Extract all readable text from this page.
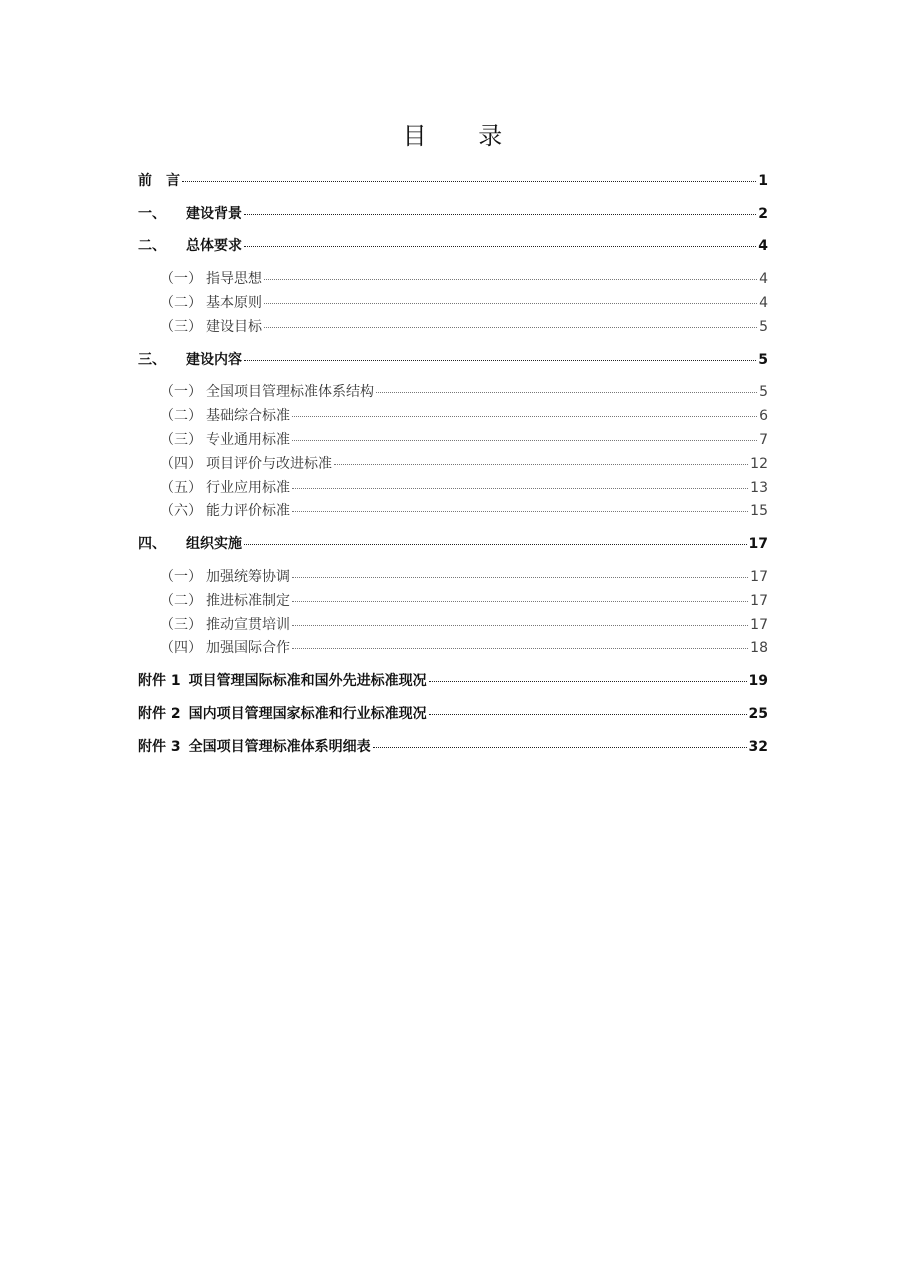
目 录
前　言	1
一、	建设背景	2
二、	总体要求	4
（一） 指导思想	4
（二） 基本原则	4
（三） 建设目标	5
三、	建设内容	5
（一） 全国项目管理标准体系结构	5
（二） 基础综合标准	6
（三） 专业通用标准	7
（四） 项目评价与改进标准	12
（五） 行业应用标准	13
（六） 能力评价标准	15
四、	组织实施	17
（一） 加强统筹协调	17
（二） 推进标准制定	17
（三） 推动宣贯培训	17
（四） 加强国际合作	18
附件 1 项目管理国际标准和国外先进标准现况	19
附件 2 国内项目管理国家标准和行业标准现况	25
附件 3 全国项目管理标准体系明细表	32
